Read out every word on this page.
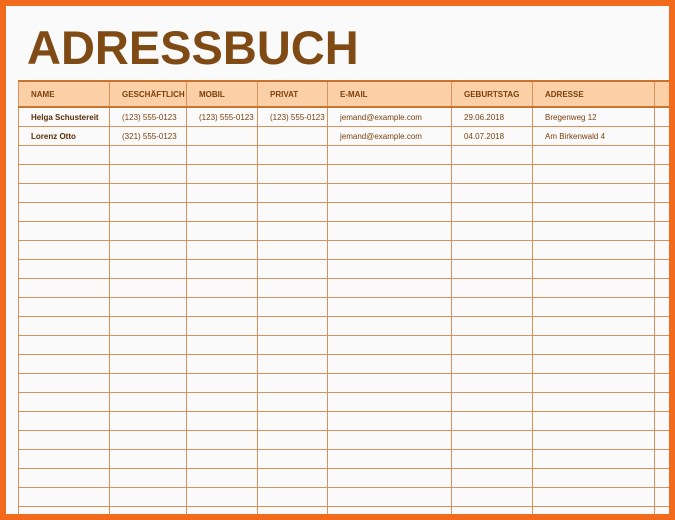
ADRESSBUCH
NAME	GESCHÄFTLICH	MOBIL	PRIVAT	E-MAIL	GEBURTSTAG	ADRESSE	
Helga Schustereit	(123) 555-0123	(123) 555-0123	(123) 555-0123	jemand@example.com	29.06.2018	Bregenweg 12	
Lorenz Otto	(321) 555-0123			jemand@example.com	04.07.2018	Am Birkenwald 4	
